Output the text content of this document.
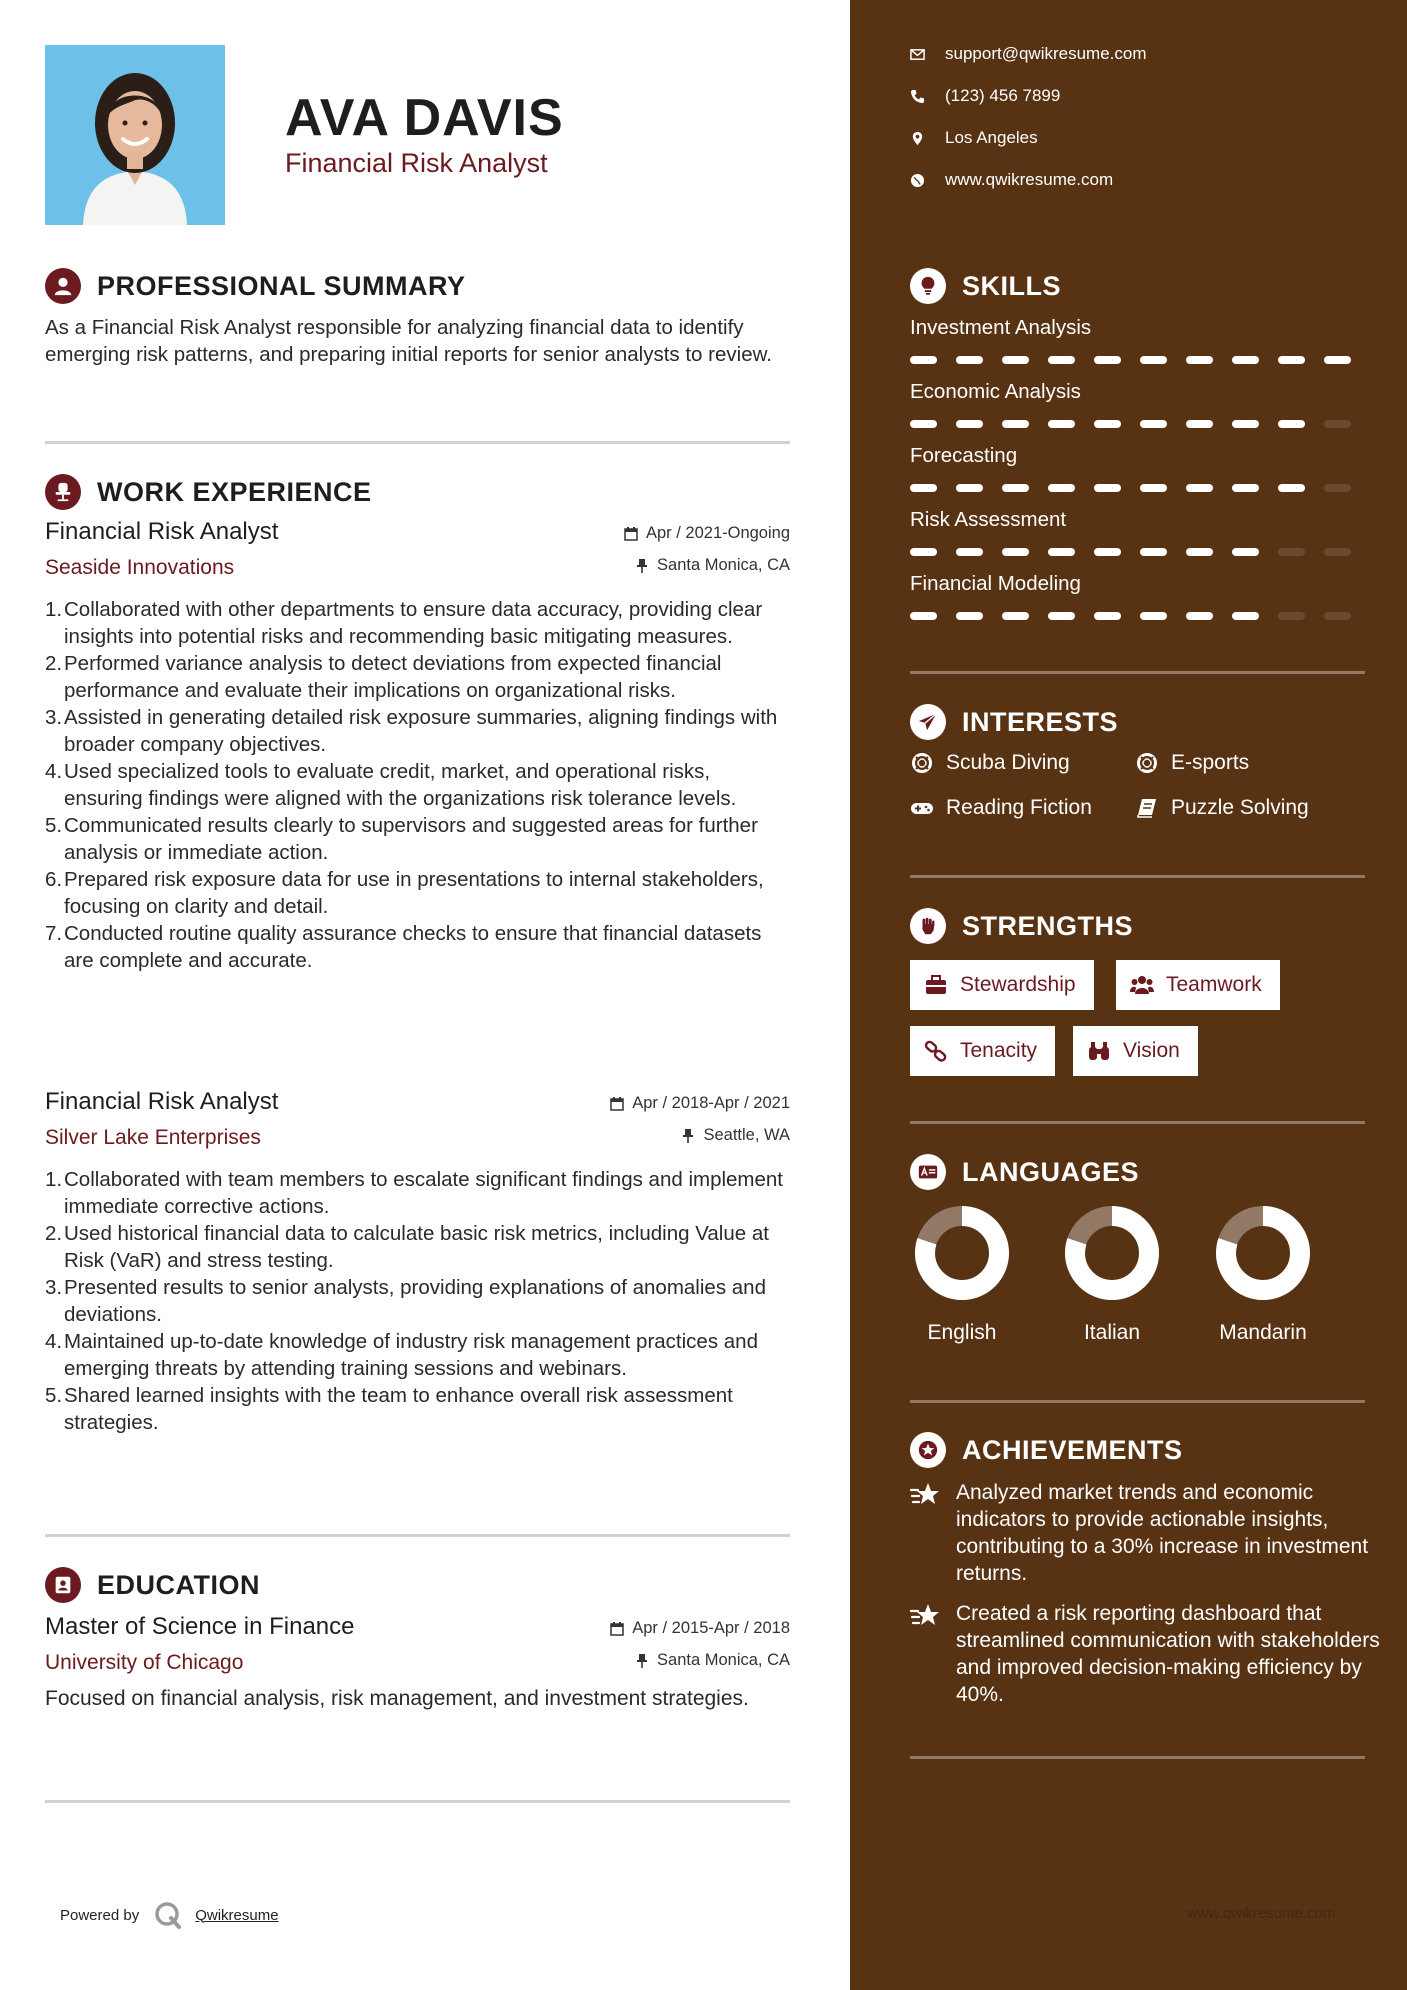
AVA DAVIS
Financial Risk Analyst
PROFESSIONAL SUMMARY
As a Financial Risk Analyst responsible for analyzing financial data to identify emerging risk patterns, and preparing initial reports for senior analysts to review.
WORK EXPERIENCE
Financial Risk Analyst
Seaside Innovations
Apr / 2021-Ongoing
Santa Monica, CA
1. Collaborated with other departments to ensure data accuracy, providing clear insights into potential risks and recommending basic mitigating measures.
2. Performed variance analysis to detect deviations from expected financial performance and evaluate their implications on organizational risks.
3. Assisted in generating detailed risk exposure summaries, aligning findings with broader company objectives.
4. Used specialized tools to evaluate credit, market, and operational risks, ensuring findings were aligned with the organizations risk tolerance levels.
5. Communicated results clearly to supervisors and suggested areas for further analysis or immediate action.
6. Prepared risk exposure data for use in presentations to internal stakeholders, focusing on clarity and detail.
7. Conducted routine quality assurance checks to ensure that financial datasets are complete and accurate.
Financial Risk Analyst
Silver Lake Enterprises
Apr / 2018-Apr / 2021
Seattle, WA
1. Collaborated with team members to escalate significant findings and implement immediate corrective actions.
2. Used historical financial data to calculate basic risk metrics, including Value at Risk (VaR) and stress testing.
3. Presented results to senior analysts, providing explanations of anomalies and deviations.
4. Maintained up-to-date knowledge of industry risk management practices and emerging threats by attending training sessions and webinars.
5. Shared learned insights with the team to enhance overall risk assessment strategies.
EDUCATION
Master of Science in Finance
University of Chicago
Apr / 2015-Apr / 2018
Santa Monica, CA
Focused on financial analysis, risk management, and investment strategies.
Powered by	Qwikresume
support@qwikresume.com
(123) 456 7899
Los Angeles
www.qwikresume.com
SKILLS
Investment Analysis
Economic Analysis
Forecasting
Risk Assessment
Financial Modeling
INTERESTS
Scuba Diving	E-sports
Reading Fiction	Puzzle Solving
STRENGTHS
Stewardship	Teamwork
Tenacity	Vision
LANGUAGES
English	Italian	Mandarin
ACHIEVEMENTS
Analyzed market trends and economic indicators to provide actionable insights, contributing to a 30% increase in investment returns.
Created a risk reporting dashboard that streamlined communication with stakeholders and improved decision-making efficiency by 40%.
www.qwikresume.com
